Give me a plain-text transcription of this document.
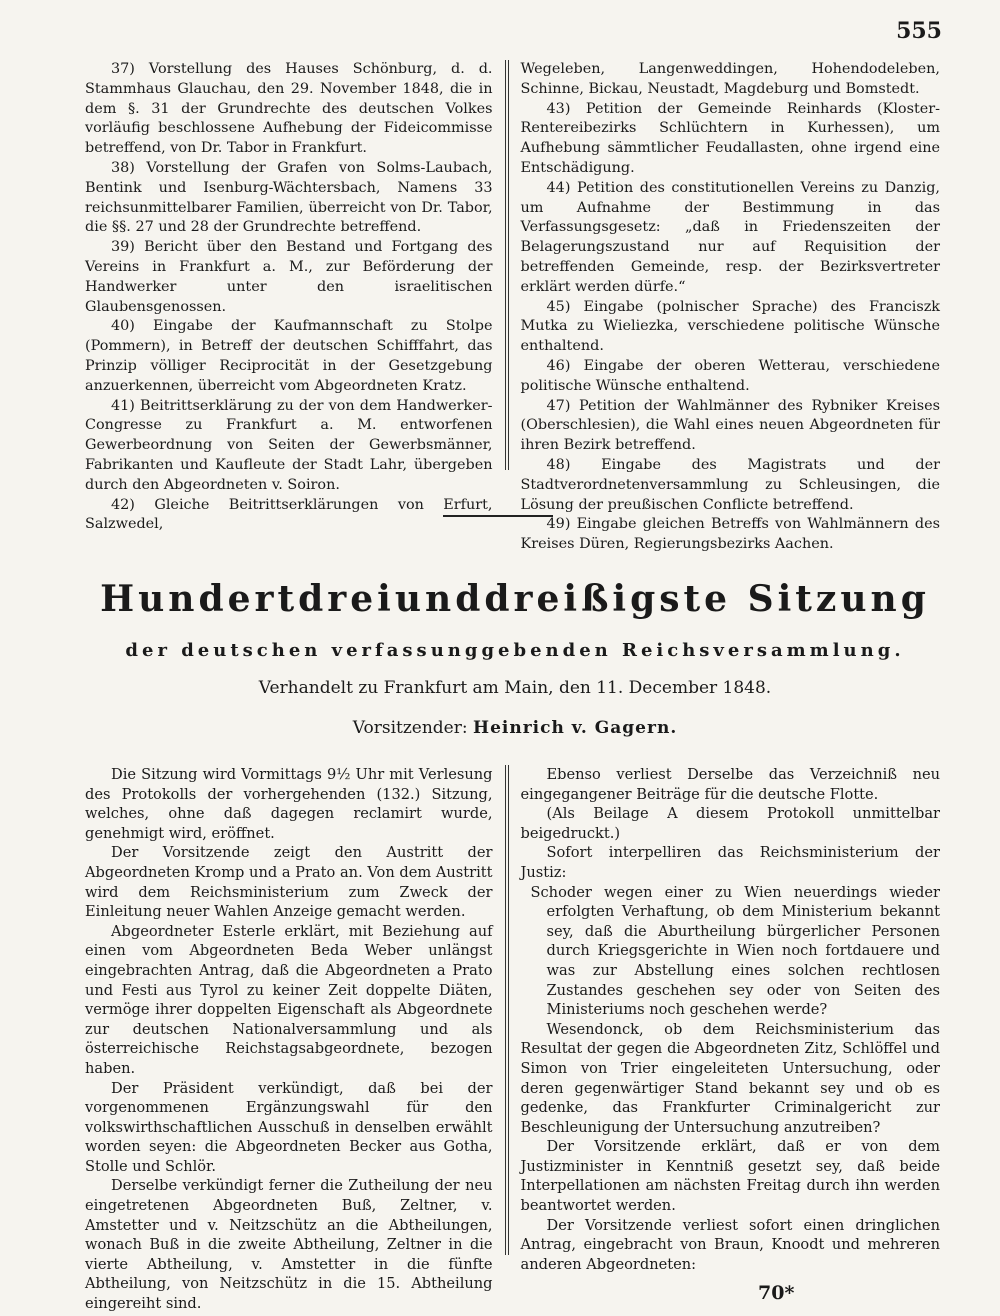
555

37) Vorstellung des Hauses Schönburg, d. d. Stammhaus Glauchau, den 29. November 1848, die in dem §. 31 der Grundrechte des deutschen Volkes vorläufig beschlossene Aufhebung der Fideicommisse betreffend, von Dr. Tabor in Frankfurt.

38) Vorstellung der Grafen von Solms-Laubach, Bentink und Isenburg-Wächtersbach, Namens 33 reichsunmittelbarer Familien, überreicht von Dr. Tabor, die §§. 27 und 28 der Grundrechte betreffend.

39) Bericht über den Bestand und Fortgang des Vereins in Frankfurt a. M., zur Beförderung der Handwerker unter den israelitischen Glaubensgenossen.

40) Eingabe der Kaufmannschaft zu Stolpe (Pommern), in Betreff der deutschen Schifffahrt, das Prinzip völliger Reciprocität in der Gesetzgebung anzuerkennen, überreicht vom Abgeordneten Kratz.

41) Beitrittserklärung zu der von dem Handwerker-Congresse zu Frankfurt a. M. entworfenen Gewerbeordnung von Seiten der Gewerbsmänner, Fabrikanten und Kaufleute der Stadt Lahr, übergeben durch den Abgeordneten v. Soiron.

42) Gleiche Beitrittserklärungen von Erfurt, Salzwedel,

Wegeleben, Langenweddingen, Hohendodeleben, Schinne, Bickau, Neustadt, Magdeburg und Bomstedt.

43) Petition der Gemeinde Reinhards (Kloster-Rentereibezirks Schlüchtern in Kurhessen), um Aufhebung sämmtlicher Feudallasten, ohne irgend eine Entschädigung.

44) Petition des constitutionellen Vereins zu Danzig, um Aufnahme der Bestimmung in das Verfassungsgesetz: „daß in Friedenszeiten der Belagerungszustand nur auf Requisition der betreffenden Gemeinde, resp. der Bezirksvertreter erklärt werden dürfe.“

45) Eingabe (polnischer Sprache) des Franciszk Mutka zu Wieliezka, verschiedene politische Wünsche enthaltend.

46) Eingabe der oberen Wetterau, verschiedene politische Wünsche enthaltend.

47) Petition der Wahlmänner des Rybniker Kreises (Oberschlesien), die Wahl eines neuen Abgeordneten für ihren Bezirk betreffend.

48) Eingabe des Magistrats und der Stadtverordnetenversammlung zu Schleusingen, die Lösung der preußischen Conflicte betreffend.

49) Eingabe gleichen Betreffs von Wahlmännern des Kreises Düren, Regierungsbezirks Aachen.

Hundertdreiunddreißigste Sitzung
der deutschen verfassunggebenden Reichsversammlung.
Verhandelt zu Frankfurt am Main, den 11. December 1848.
Vorsitzender: Heinrich v. Gagern.

Die Sitzung wird Vormittags 9½ Uhr mit Verlesung des Protokolls der vorhergehenden (132.) Sitzung, welches, ohne daß dagegen reclamirt wurde, genehmigt wird, eröffnet.

Der Vorsitzende zeigt den Austritt der Abgeordneten Kromp und a Prato an. Von dem Austritt wird dem Reichsministerium zum Zweck der Einleitung neuer Wahlen Anzeige gemacht werden.

Abgeordneter Esterle erklärt, mit Beziehung auf einen vom Abgeordneten Beda Weber unlängst eingebrachten Antrag, daß die Abgeordneten a Prato und Festi aus Tyrol zu keiner Zeit doppelte Diäten, vermöge ihrer doppelten Eigenschaft als Abgeordnete zur deutschen Nationalversammlung und als österreichische Reichstagsabgeordnete, bezogen haben.

Der Präsident verkündigt, daß bei der vorgenommenen Ergänzungswahl für den volkswirthschaftlichen Ausschuß in denselben erwählt worden seyen: die Abgeordneten Becker aus Gotha, Stolle und Schlör.

Derselbe verkündigt ferner die Zutheilung der neu eingetretenen Abgeordneten Buß, Zeltner, v. Amstetter und v. Neitzschütz an die Abtheilungen, wonach Buß in die zweite Abtheilung, Zeltner in die vierte Abtheilung, v. Amstetter in die fünfte Abtheilung, von Neitzschütz in die 15. Abtheilung eingereiht sind.

Ebenso verliest Derselbe das Verzeichniß neu eingegangener Beiträge für die deutsche Flotte.

(Als Beilage A diesem Protokoll unmittelbar beigedruckt.)

Sofort interpelliren das Reichsministerium der Justiz:

Schoder wegen einer zu Wien neuerdings wieder erfolgten Verhaftung, ob dem Ministerium bekannt sey, daß die Aburtheilung bürgerlicher Personen durch Kriegsgerichte in Wien noch fortdauere und was zur Abstellung eines solchen rechtlosen Zustandes geschehen sey oder von Seiten des Ministeriums noch geschehen werde?

Wesendonck, ob dem Reichsministerium das Resultat der gegen die Abgeordneten Zitz, Schlöffel und Simon von Trier eingeleiteten Untersuchung, oder deren gegenwärtiger Stand bekannt sey und ob es gedenke, das Frankfurter Criminalgericht zur Beschleunigung der Untersuchung anzutreiben?

Der Vorsitzende erklärt, daß er von dem Justizminister in Kenntniß gesetzt sey, daß beide Interpellationen am nächsten Freitag durch ihn werden beantwortet werden.

Der Vorsitzende verliest sofort einen dringlichen Antrag, eingebracht von Braun, Knoodt und mehreren anderen Abgeordneten:

70*
